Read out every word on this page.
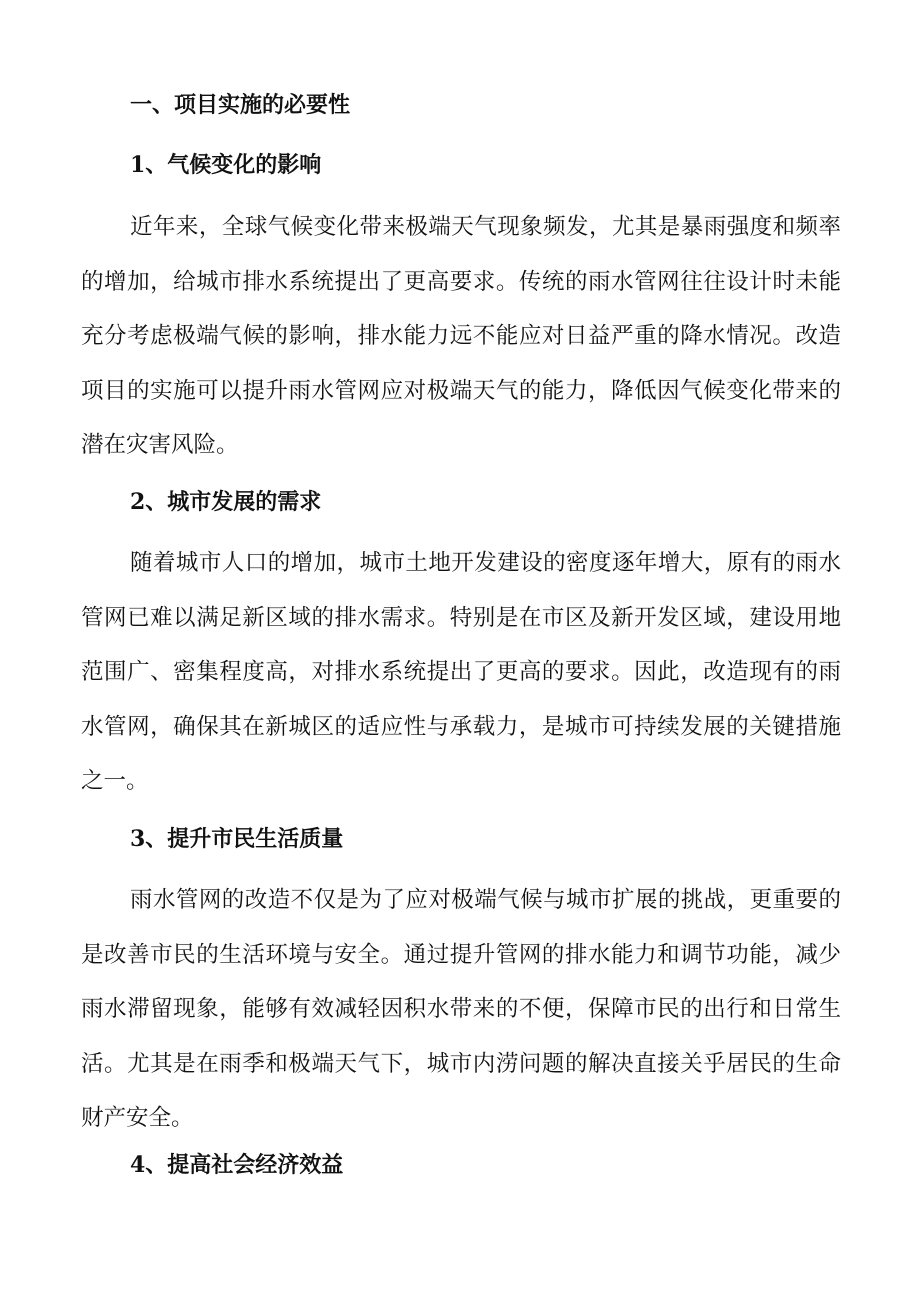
一、项目实施的必要性
1、气候变化的影响

近年来，全球气候变化带来极端天气现象频发，尤其是暴雨强度和频率的增加，给城市排水系统提出了更高要求。传统的雨水管网往往设计时未能充分考虑极端气候的影响，排水能力远不能应对日益严重的降水情况。改造项目的实施可以提升雨水管网应对极端天气的能力，降低因气候变化带来的潜在灾害风险。

2、城市发展的需求

随着城市人口的增加，城市土地开发建设的密度逐年增大，原有的雨水管网已难以满足新区域的排水需求。特别是在市区及新开发区域，建设用地范围广、密集程度高，对排水系统提出了更高的要求。因此，改造现有的雨水管网，确保其在新城区的适应性与承载力，是城市可持续发展的关键措施之一。

3、提升市民生活质量

雨水管网的改造不仅是为了应对极端气候与城市扩展的挑战，更重要的是改善市民的生活环境与安全。通过提升管网的排水能力和调节功能，减少雨水滞留现象，能够有效减轻因积水带来的不便，保障市民的出行和日常生活。尤其是在雨季和极端天气下，城市内涝问题的解决直接关乎居民的生命财产安全。

4、提高社会经济效益
